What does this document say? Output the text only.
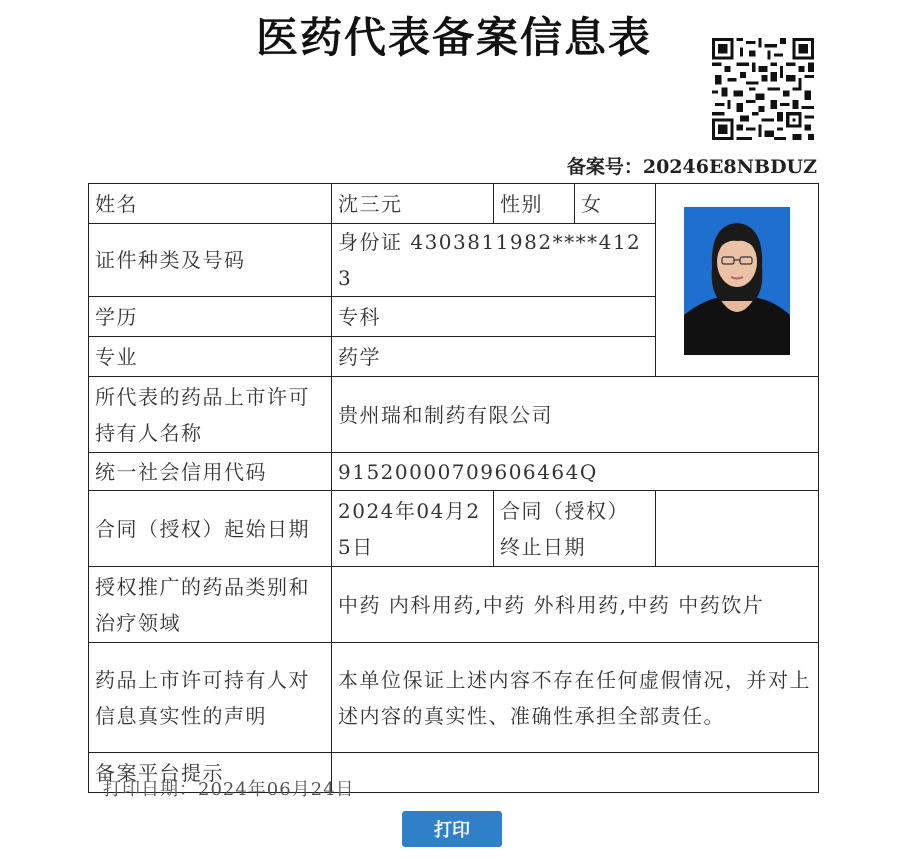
医药代表备案信息表
备案号：20246E8NBDUZ
姓名	沈三元	性别	女	

证件种类及号码	身份证 4303811982****4123			
学历	专科			
专业	药学			
所代表的药品上市许可持有人名称	贵州瑞和制药有限公司			
统一社会信用代码	91520000709606464Q			
合同（授权）起始日期	2024年04月25日	合同（授权）终止日期		
授权推广的药品类别和治疗领域	中药 内科用药,中药 外科用药,中药 中药饮片			
药品上市许可持有人对信息真实性的声明	本单位保证上述内容不存在任何虚假情况，并对上述内容的真实性、准确性承担全部责任。			
备案平台提示				
打印日期：2024年06月24日
打印
